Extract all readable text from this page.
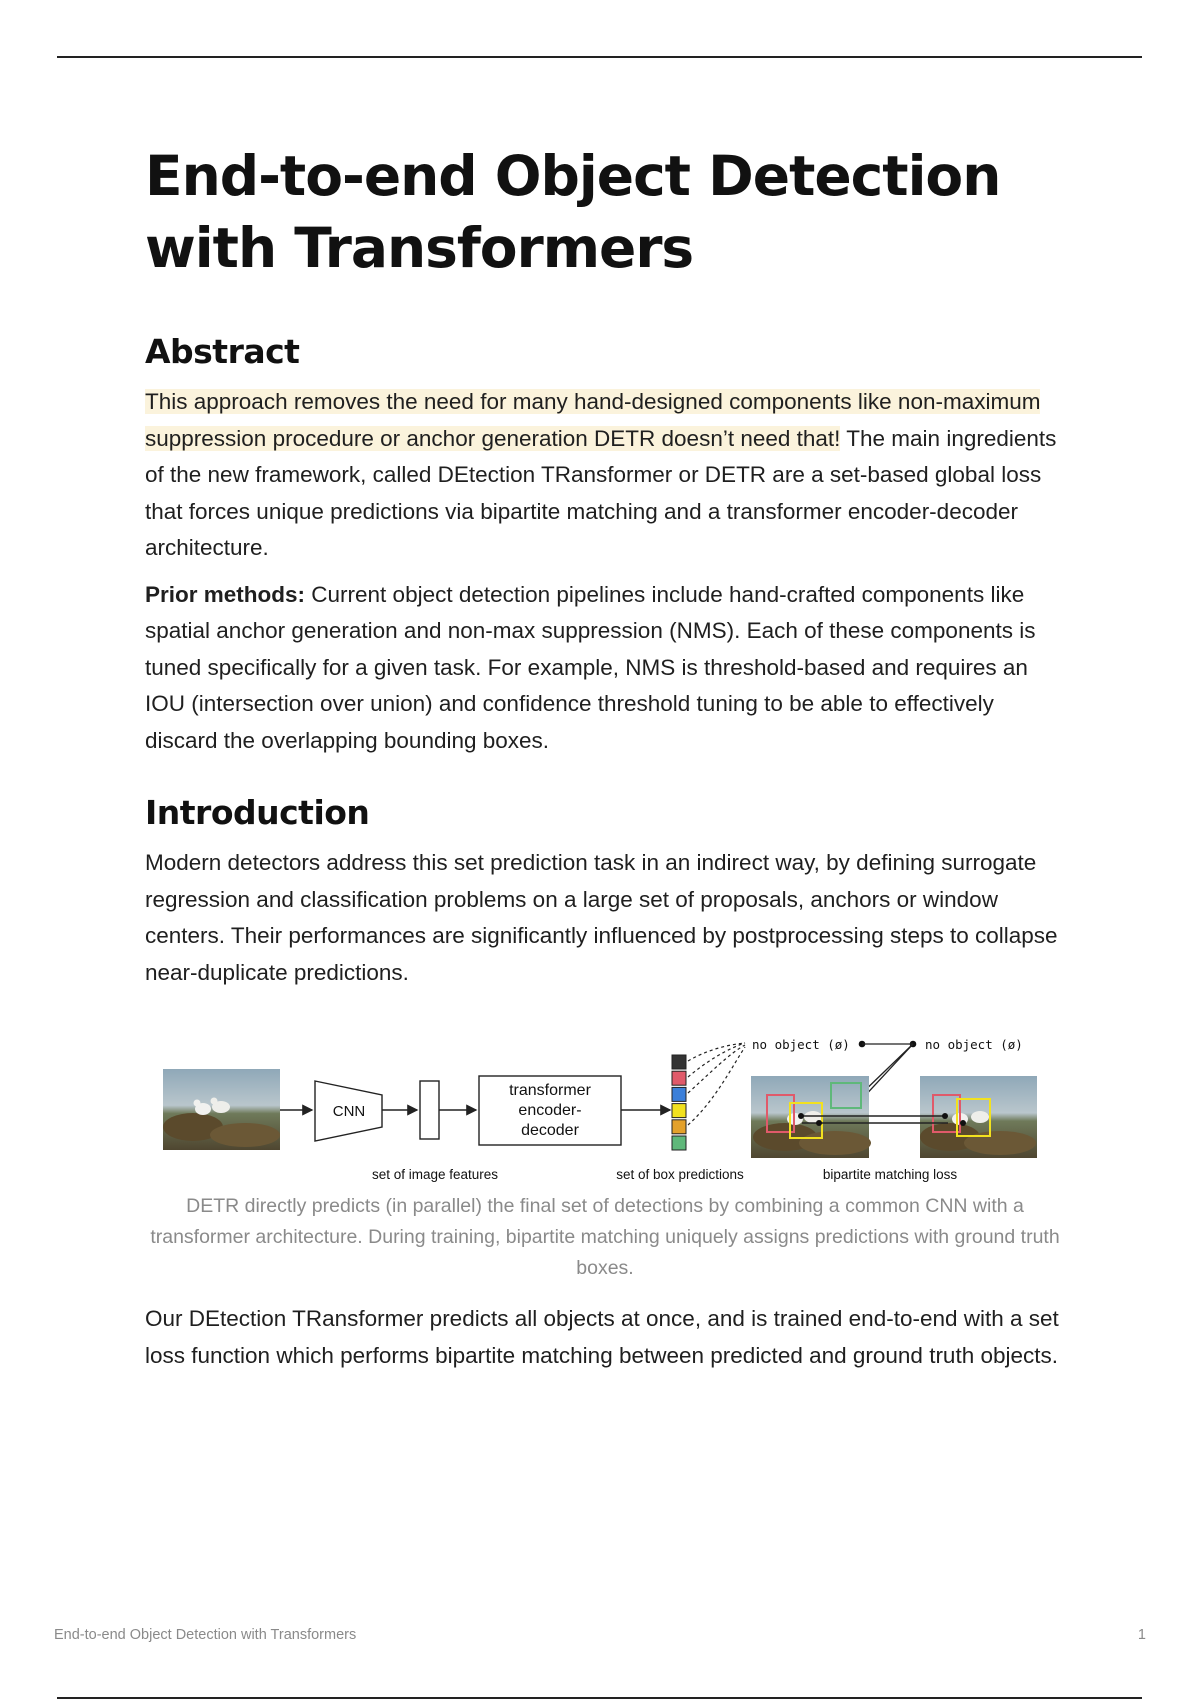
End-to-end Object Detection with Transformers
Abstract

This approach removes the need for many hand-designed components like non-maximum suppression procedure or anchor generation DETR doesn’t need that! The main ingredients of the new framework, called DEtection TRansformer or DETR are a set-based global loss that forces unique predictions via bipartite matching and a transformer encoder-decoder architecture.

Prior methods: Current object detection pipelines include hand-crafted components like spatial anchor generation and non-max suppression (NMS). Each of these components is tuned specifically for a given task. For example, NMS is threshold-based and requires an IOU (intersection over union) and confidence threshold tuning to be able to effectively discard the overlapping bounding boxes.

Introduction

Modern detectors address this set prediction task in an indirect way, by defining surrogate regression and classification problems on a large set of proposals, anchors or window centers. Their performances are significantly influenced by postprocessing steps to collapse near-duplicate predictions.

CNN
transformer
encoder-
decoder
no object (ø)	no object (ø)
set of image features	set of box predictions	bipartite matching loss
DETR directly predicts (in parallel) the final set of detections by combining a common CNN with a transformer architecture. During training, bipartite matching uniquely assigns predictions with ground truth boxes.

Our DEtection TRansformer predicts all objects at once, and is trained end-to-end with a set loss function which performs bipartite matching between predicted and ground truth objects.

End-to-end Object Detection with Transformers	1
